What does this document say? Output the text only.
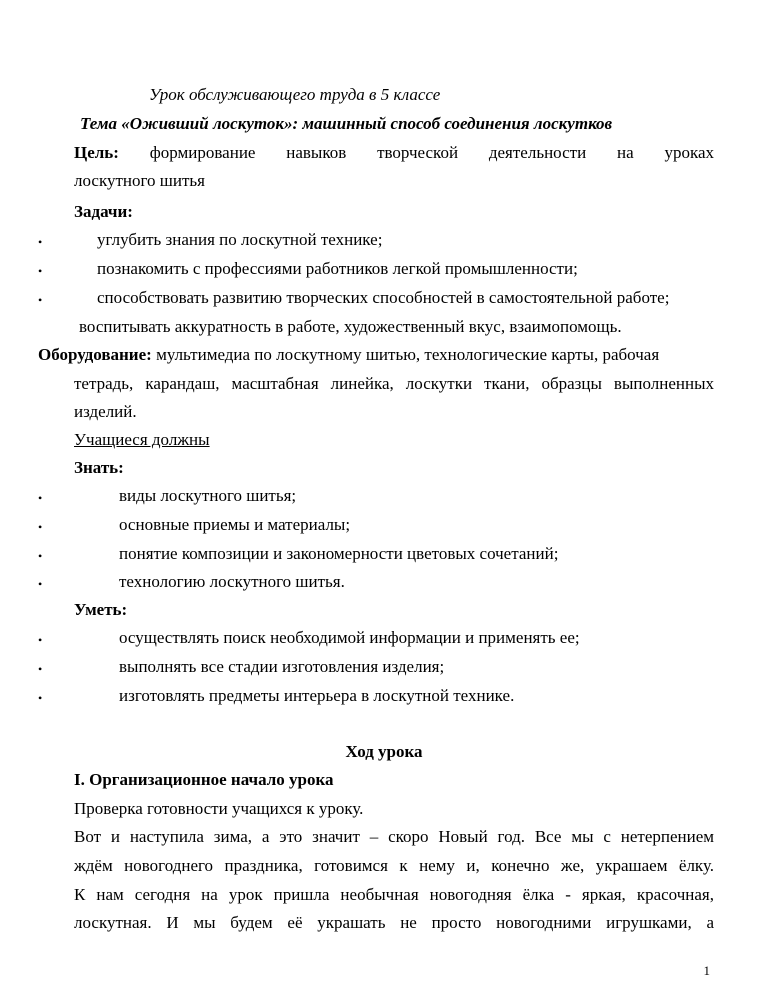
Урок обслуживающего труда в 5 классе

Тема «Оживший лоскуток»: машинный способ соединения лоскутков

Цель: формирование навыков творческой деятельности на уроках

лоскутного шитья

Задачи:

•	углубить знания по лоскутной технике;

•	познакомить с профессиями работников легкой промышленности;

•	способствовать развитию творческих способностей в самостоятельной работе;

воспитывать аккуратность в работе, художественный вкус, взаимопомощь.

Оборудование: мультимедиа по лоскутному шитью, технологические карты, рабочая

тетрадь, карандаш, масштабная линейка, лоскутки ткани, образцы выполненных

изделий.

Учащиеся должны

Знать:

•	виды лоскутного шитья;

•	основные приемы и материалы;

•	понятие композиции и закономерности цветовых сочетаний;

•	технологию лоскутного шитья.

Уметь:

•	осуществлять поиск необходимой информации и применять ее;

•	выполнять все стадии изготовления изделия;

•	изготовлять предметы интерьера в лоскутной технике.

Ход урока

I. Организационное начало урока

Проверка готовности учащихся к уроку.

Вот и наступила зима, а это значит – скоро Новый год. Все мы с нетерпением
ждём новогоднего праздника, готовимся к нему и, конечно же, украшаем ёлку.
К нам сегодня на урок пришла необычная новогодняя ёлка - яркая, красочная,
лоскутная. И мы будем её украшать не просто новогодними игрушками, а
1
